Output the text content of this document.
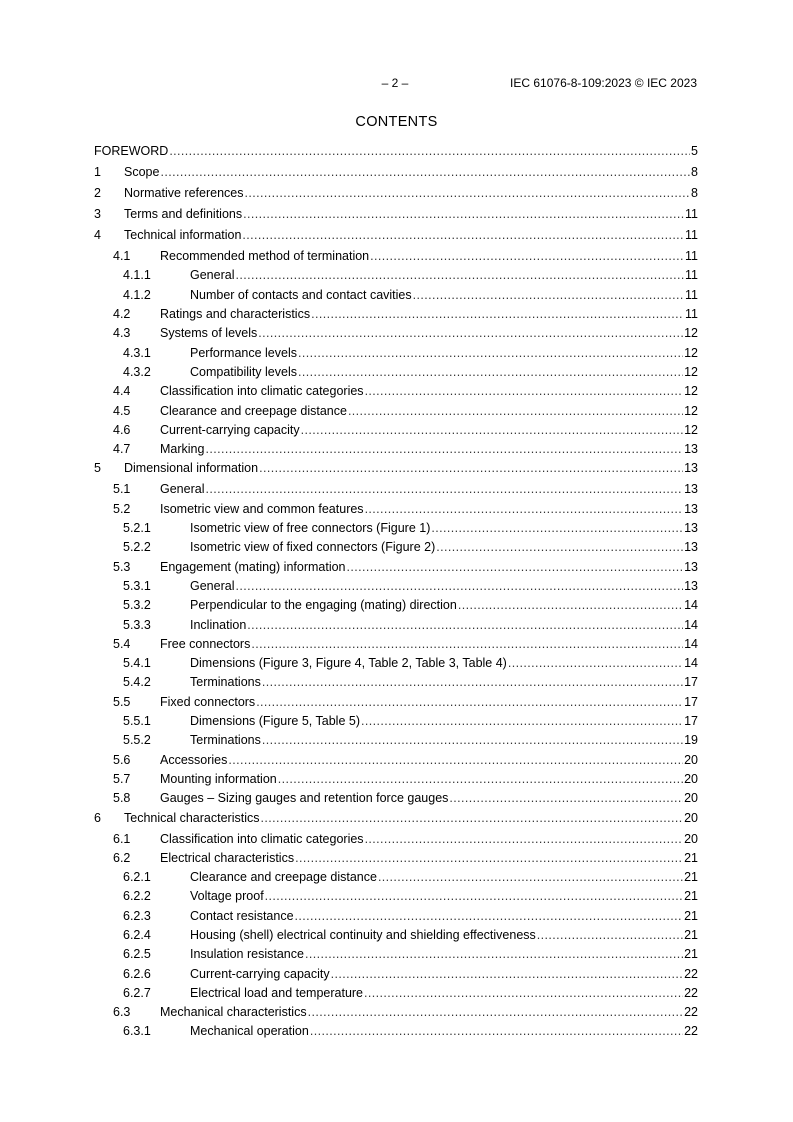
– 2 –	IEC 61076-8-109:2023 © IEC 2023
CONTENTS
FOREWORD .....	5
1	Scope .....	8
2	Normative references .....	8
3	Terms and definitions .....	11
4	Technical information .....	11
4.1	Recommended method of termination .....	11
4.1.1	General .....	11
4.1.2	Number of contacts and contact cavities .....	11
4.2	Ratings and characteristics .....	11
4.3	Systems of levels .....	12
4.3.1	Performance levels .....	12
4.3.2	Compatibility levels .....	12
4.4	Classification into climatic categories .....	12
4.5	Clearance and creepage distance .....	12
4.6	Current-carrying capacity .....	12
4.7	Marking .....	13
5	Dimensional information .....	13
5.1	General .....	13
5.2	Isometric view and common features .....	13
5.2.1	Isometric view of free connectors (Figure 1) .....	13
5.2.2	Isometric view of fixed connectors (Figure 2) .....	13
5.3	Engagement (mating) information .....	13
5.3.1	General .....	13
5.3.2	Perpendicular to the engaging (mating) direction .....	14
5.3.3	Inclination .....	14
5.4	Free connectors .....	14
5.4.1	Dimensions (Figure 3, Figure 4, Table 2, Table 3, Table 4) .....	14
5.4.2	Terminations .....	17
5.5	Fixed connectors .....	17
5.5.1	Dimensions (Figure 5, Table 5) .....	17
5.5.2	Terminations .....	19
5.6	Accessories .....	20
5.7	Mounting information .....	20
5.8	Gauges – Sizing gauges and retention force gauges .....	20
6	Technical characteristics .....	20
6.1	Classification into climatic categories .....	20
6.2	Electrical characteristics .....	21
6.2.1	Clearance and creepage distance .....	21
6.2.2	Voltage proof .....	21
6.2.3	Contact resistance .....	21
6.2.4	Housing (shell) electrical continuity and shielding effectiveness .....	21
6.2.5	Insulation resistance .....	21
6.2.6	Current-carrying capacity .....	22
6.2.7	Electrical load and temperature .....	22
6.3	Mechanical characteristics .....	22
6.3.1	Mechanical operation .....	22
